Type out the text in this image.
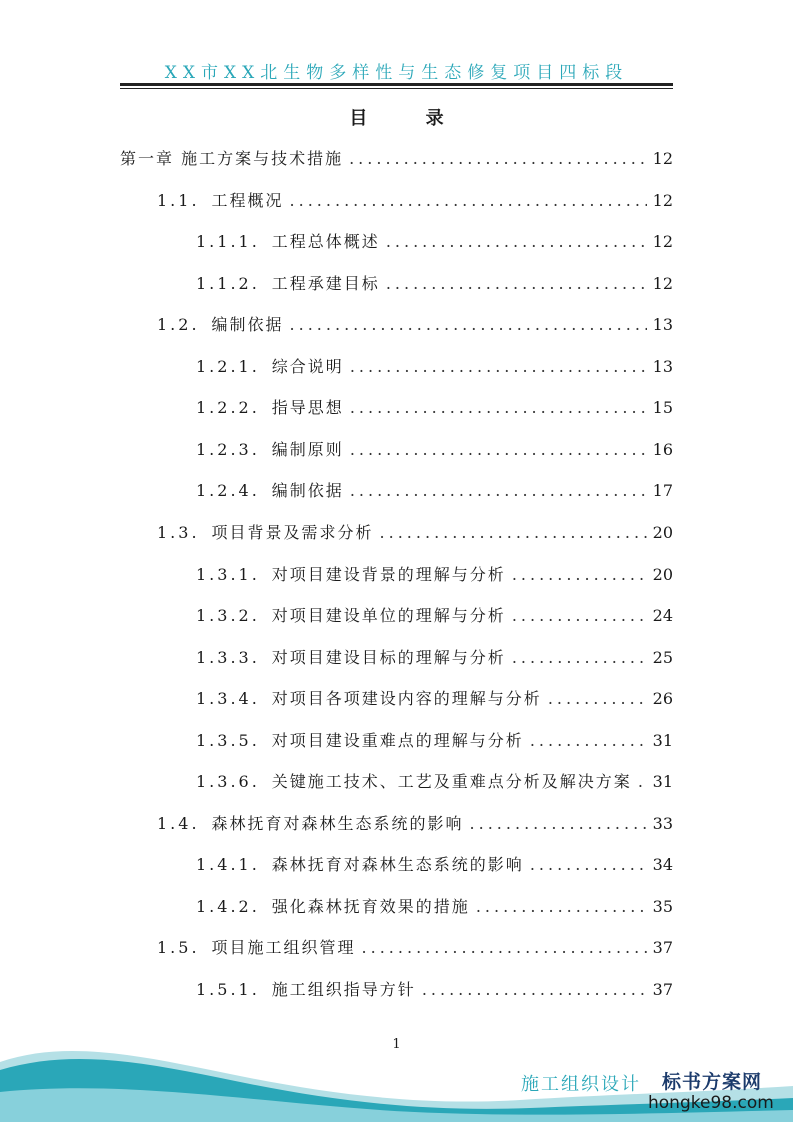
XX市XX北生物多样性与生态修复项目四标段
目 录
第一章 施工方案与技术措施 .....	12
1.1. 工程概况 .....	12
1.1.1. 工程总体概述 .....	12
1.1.2. 工程承建目标 .....	12
1.2. 编制依据 .....	13
1.2.1. 综合说明 .....	13
1.2.2. 指导思想 .....	15
1.2.3. 编制原则 .....	16
1.2.4. 编制依据 .....	17
1.3. 项目背景及需求分析 .....	20
1.3.1. 对项目建设背景的理解与分析 .....	20
1.3.2. 对项目建设单位的理解与分析 .....	24
1.3.3. 对项目建设目标的理解与分析 .....	25
1.3.4. 对项目各项建设内容的理解与分析 .....	26
1.3.5. 对项目建设重难点的理解与分析 .....	31
1.3.6. 关键施工技术、工艺及重难点分析及解决方案 ..... 31
1.4. 森林抚育对森林生态系统的影响 .....	33
1.4.1. 森林抚育对森林生态系统的影响 .....	34
1.4.2. 强化森林抚育效果的措施 .....	35
1.5. 项目施工组织管理 .....	37
1.5.1. 施工组织指导方针 .....	37
1
施工组织设计 标书方案网
hongke98.com
